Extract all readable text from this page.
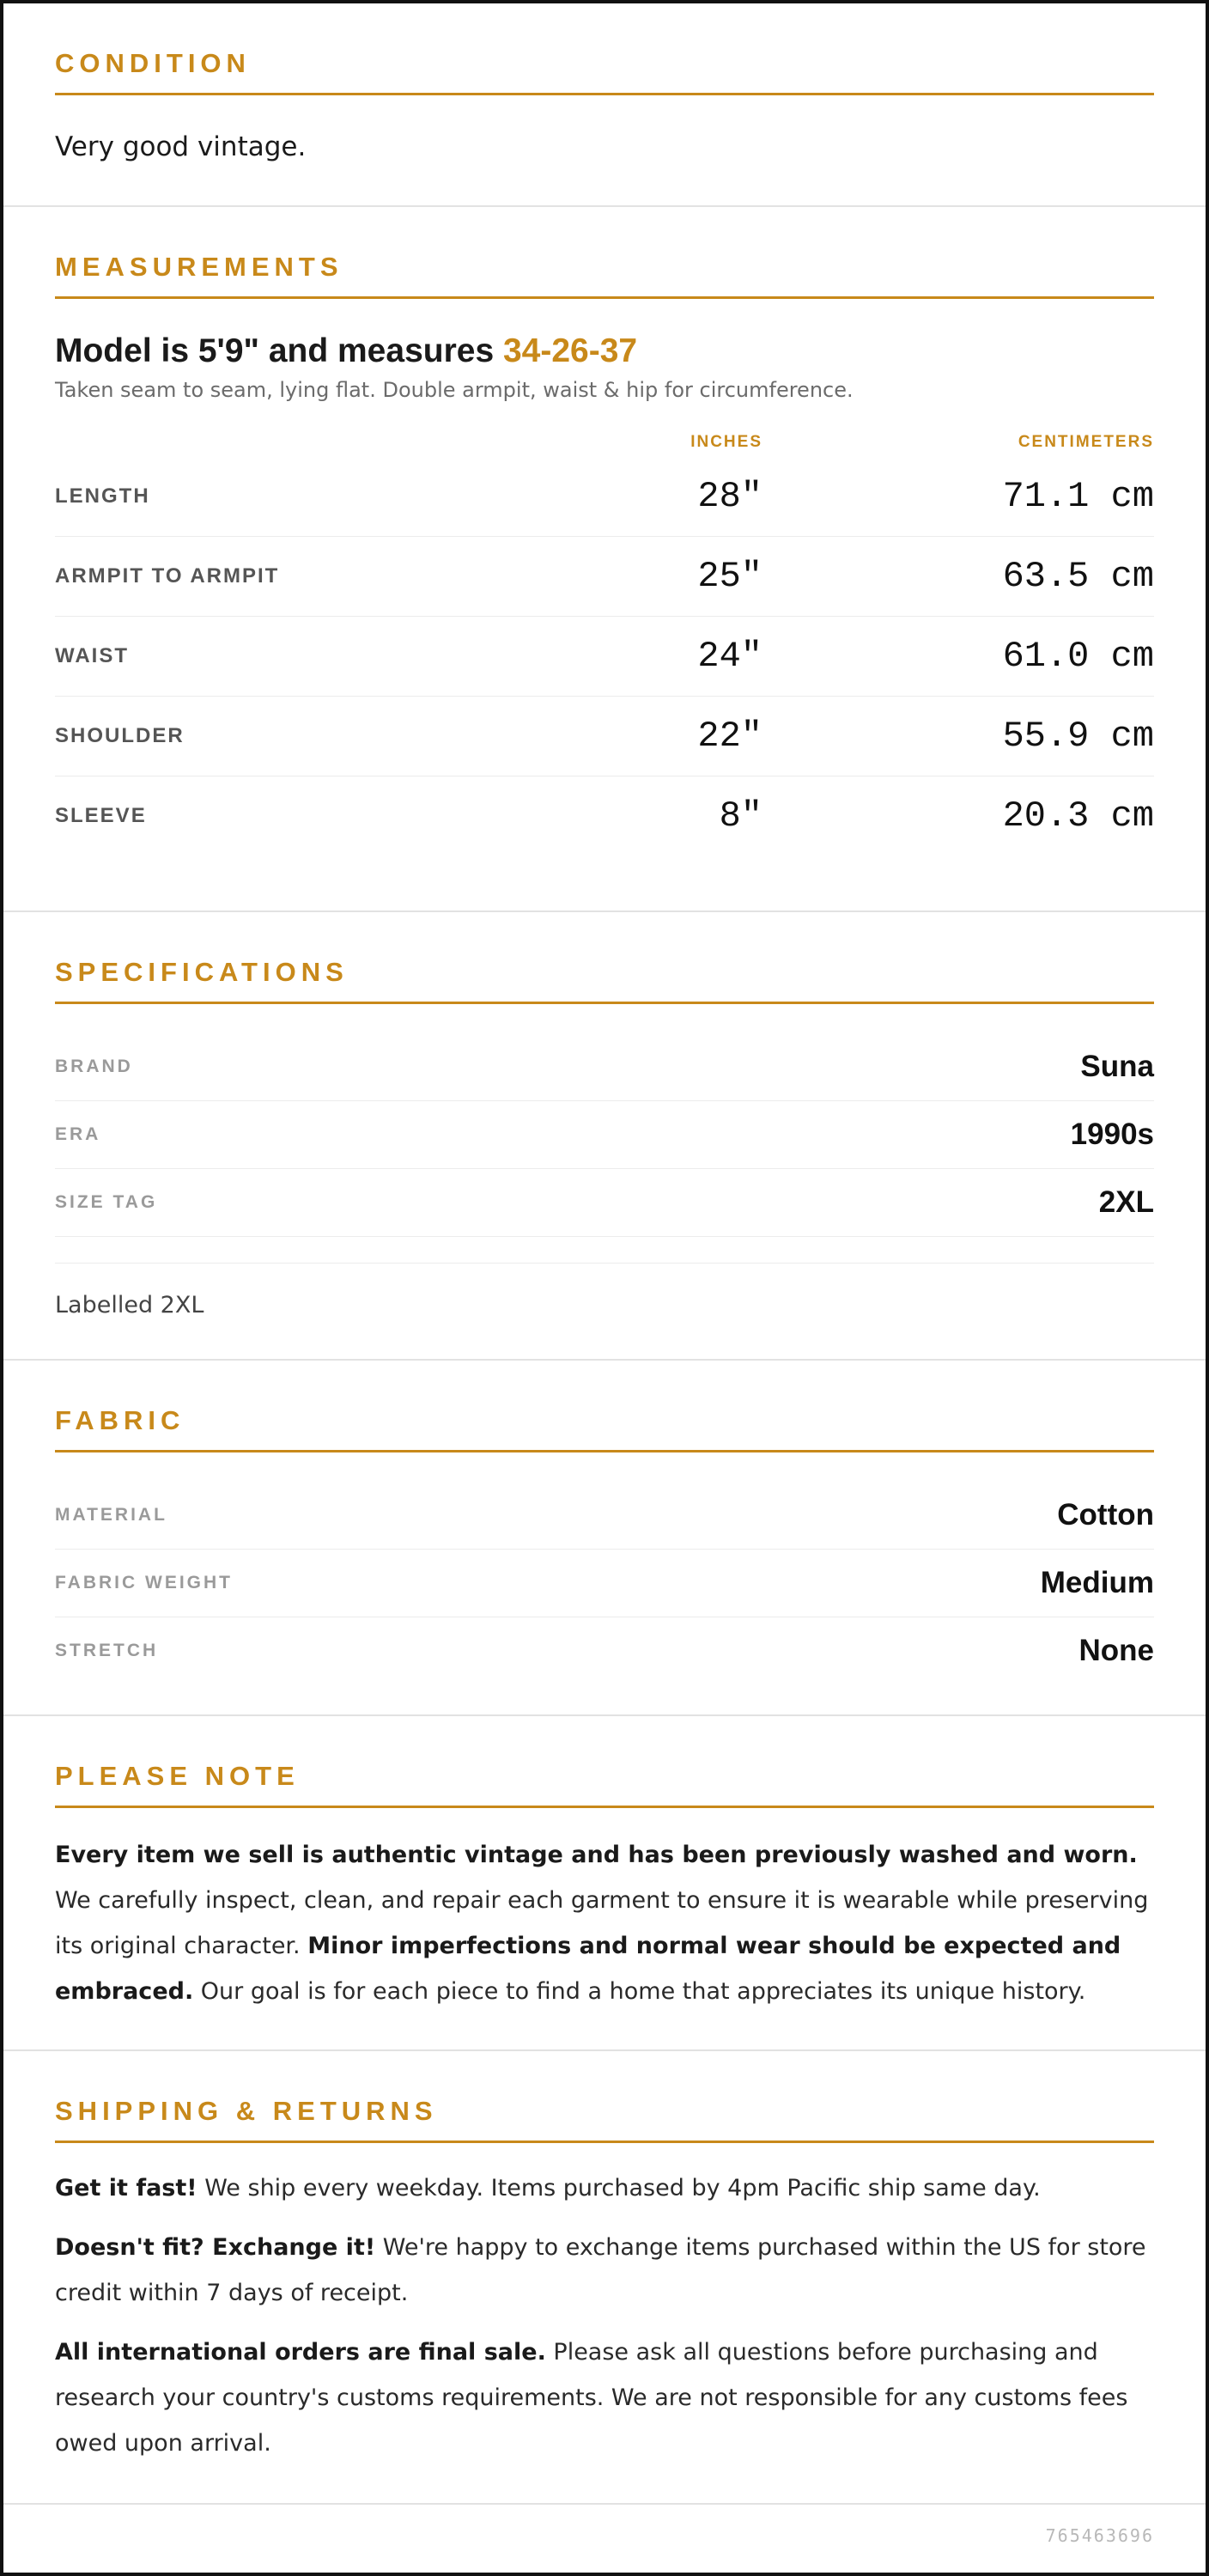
CONDITION
Very good vintage.
MEASUREMENTS
Model is 5'9" and measures 34-26-37
Taken seam to seam, lying flat. Double armpit, waist & hip for circumference.
INCHES	CENTIMETERS
LENGTH	28"	71.1 cm
ARMPIT TO ARMPIT	25"	63.5 cm
WAIST	24"	61.0 cm
SHOULDER	22"	55.9 cm
SLEEVE	8"	20.3 cm
SPECIFICATIONS
BRAND	Suna
ERA	1990s
SIZE TAG	2XL
Labelled 2XL
FABRIC
MATERIAL	Cotton
FABRIC WEIGHT	Medium
STRETCH	None
PLEASE NOTE

Every item we sell is authentic vintage and has been previously washed and worn. We carefully inspect, clean, and repair each garment to ensure it is wearable while preserving its original character. Minor imperfections and normal wear should be expected and embraced. Our goal is for each piece to find a home that appreciates its unique history.

SHIPPING & RETURNS

Get it fast! We ship every weekday. Items purchased by 4pm Pacific ship same day.

Doesn't fit? Exchange it! We're happy to exchange items purchased within the US for store credit within 7 days of receipt.

All international orders are final sale. Please ask all questions before purchasing and research your country's customs requirements. We are not responsible for any customs fees owed upon arrival.

765463696
